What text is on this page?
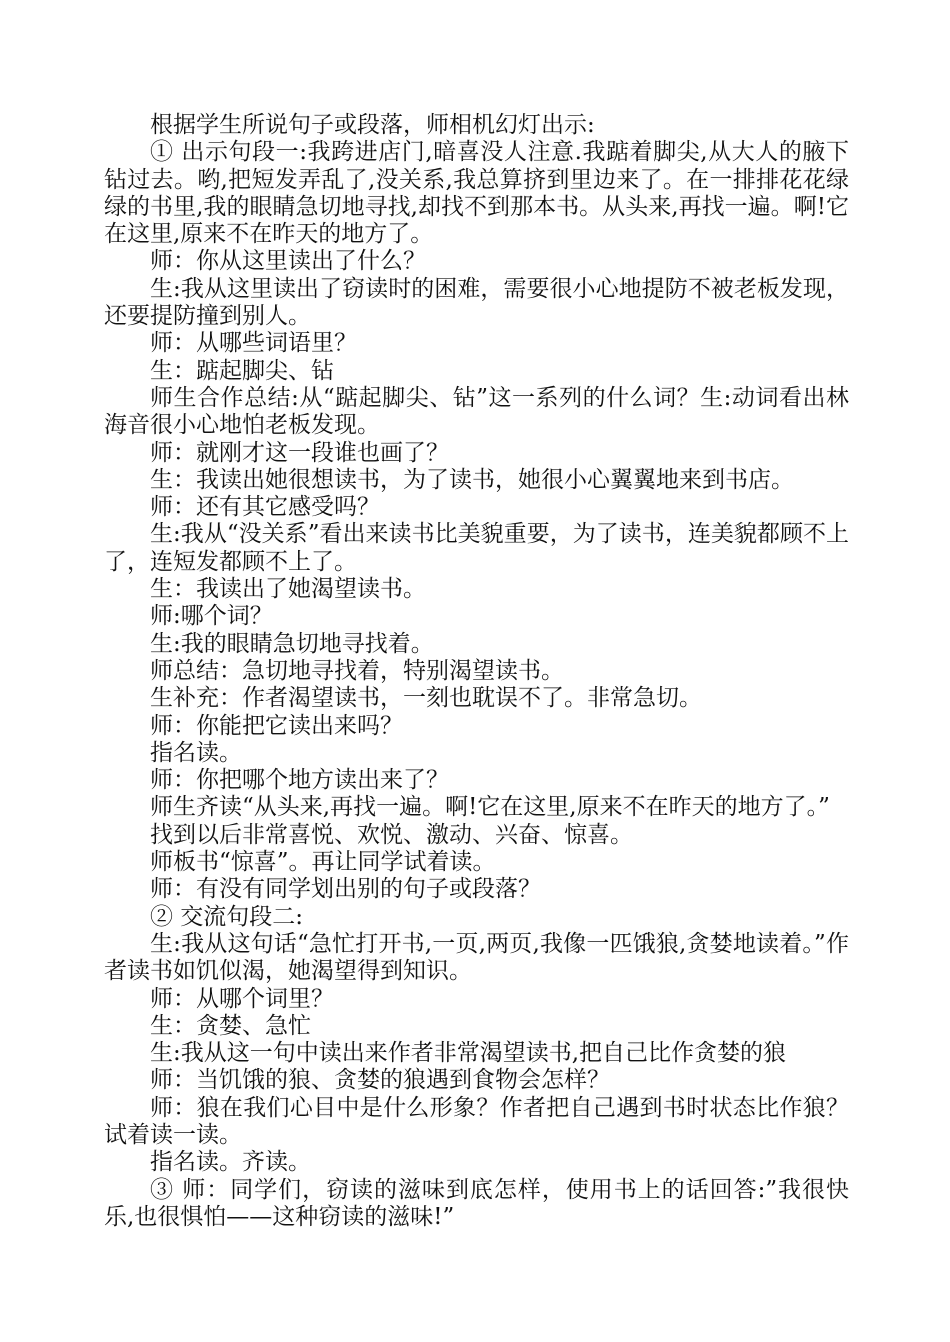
根据学生所说句子或段落，师相机幻灯出示:

① 出示句段一:我跨进店门,暗喜没人注意.我踮着脚尖,从大人的腋下钻过去。哟,把短发弄乱了,没关系,我总算挤到里边来了。在一排排花花绿绿的书里,我的眼睛急切地寻找,却找不到那本书。从头来,再找一遍。啊!它在这里,原来不在昨天的地方了。

师：你从这里读出了什么？

生:我从这里读出了窃读时的困难，需要很小心地提防不被老板发现，还要提防撞到别人。

师：从哪些词语里？

生：踮起脚尖、钻

师生合作总结:从“踮起脚尖、钻”这一系列的什么词？生:动词看出林海音很小心地怕老板发现。

师：就刚才这一段谁也画了？

生：我读出她很想读书，为了读书，她很小心翼翼地来到书店。

师：还有其它感受吗？

生:我从“没关系”看出来读书比美貌重要，为了读书，连美貌都顾不上了，连短发都顾不上了。

生：我读出了她渴望读书。

师:哪个词？

生:我的眼睛急切地寻找着。

师总结：急切地寻找着，特别渴望读书。

生补充：作者渴望读书，一刻也耽误不了。非常急切。

师：你能把它读出来吗？

指名读。

师：你把哪个地方读出来了？

师生齐读“从头来,再找一遍。啊!它在这里,原来不在昨天的地方了。”

找到以后非常喜悦、欢悦、激动、兴奋、惊喜。

师板书“惊喜”。再让同学试着读。

师：有没有同学划出别的句子或段落？

② 交流句段二:

生:我从这句话“急忙打开书,一页,两页,我像一匹饿狼,贪婪地读着。”作者读书如饥似渴，她渴望得到知识。

师：从哪个词里？

生：贪婪、急忙

生:我从这一句中读出来作者非常渴望读书,把自己比作贪婪的狼

师：当饥饿的狼、贪婪的狼遇到食物会怎样？

师：狼在我们心目中是什么形象？作者把自己遇到书时状态比作狼？试着读一读。

指名读。齐读。

③ 师：同学们，窃读的滋味到底怎样，使用书上的话回答:”我很快乐,也很惧怕——这种窃读的滋味!”
